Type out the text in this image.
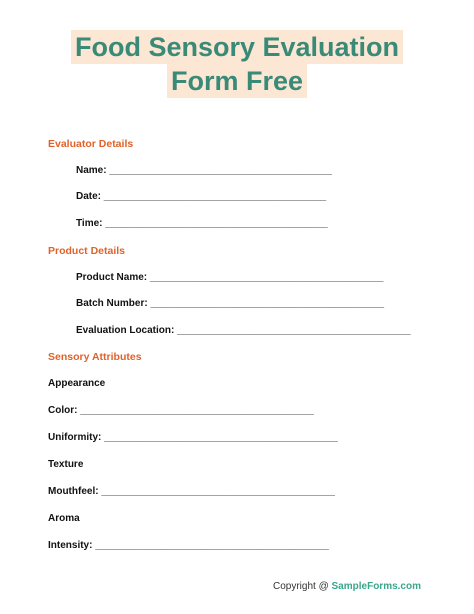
Food Sensory Evaluation
Form Free
Evaluator Details
Name: ________________________________________
Date: ________________________________________
Time: ________________________________________
Product Details
Product Name: __________________________________________
Batch Number: __________________________________________
Evaluation Location: __________________________________________
Sensory Attributes
Appearance
Color: __________________________________________
Uniformity: __________________________________________
Texture
Mouthfeel: __________________________________________
Aroma
Intensity: __________________________________________
Copyright @ SampleForms.com
